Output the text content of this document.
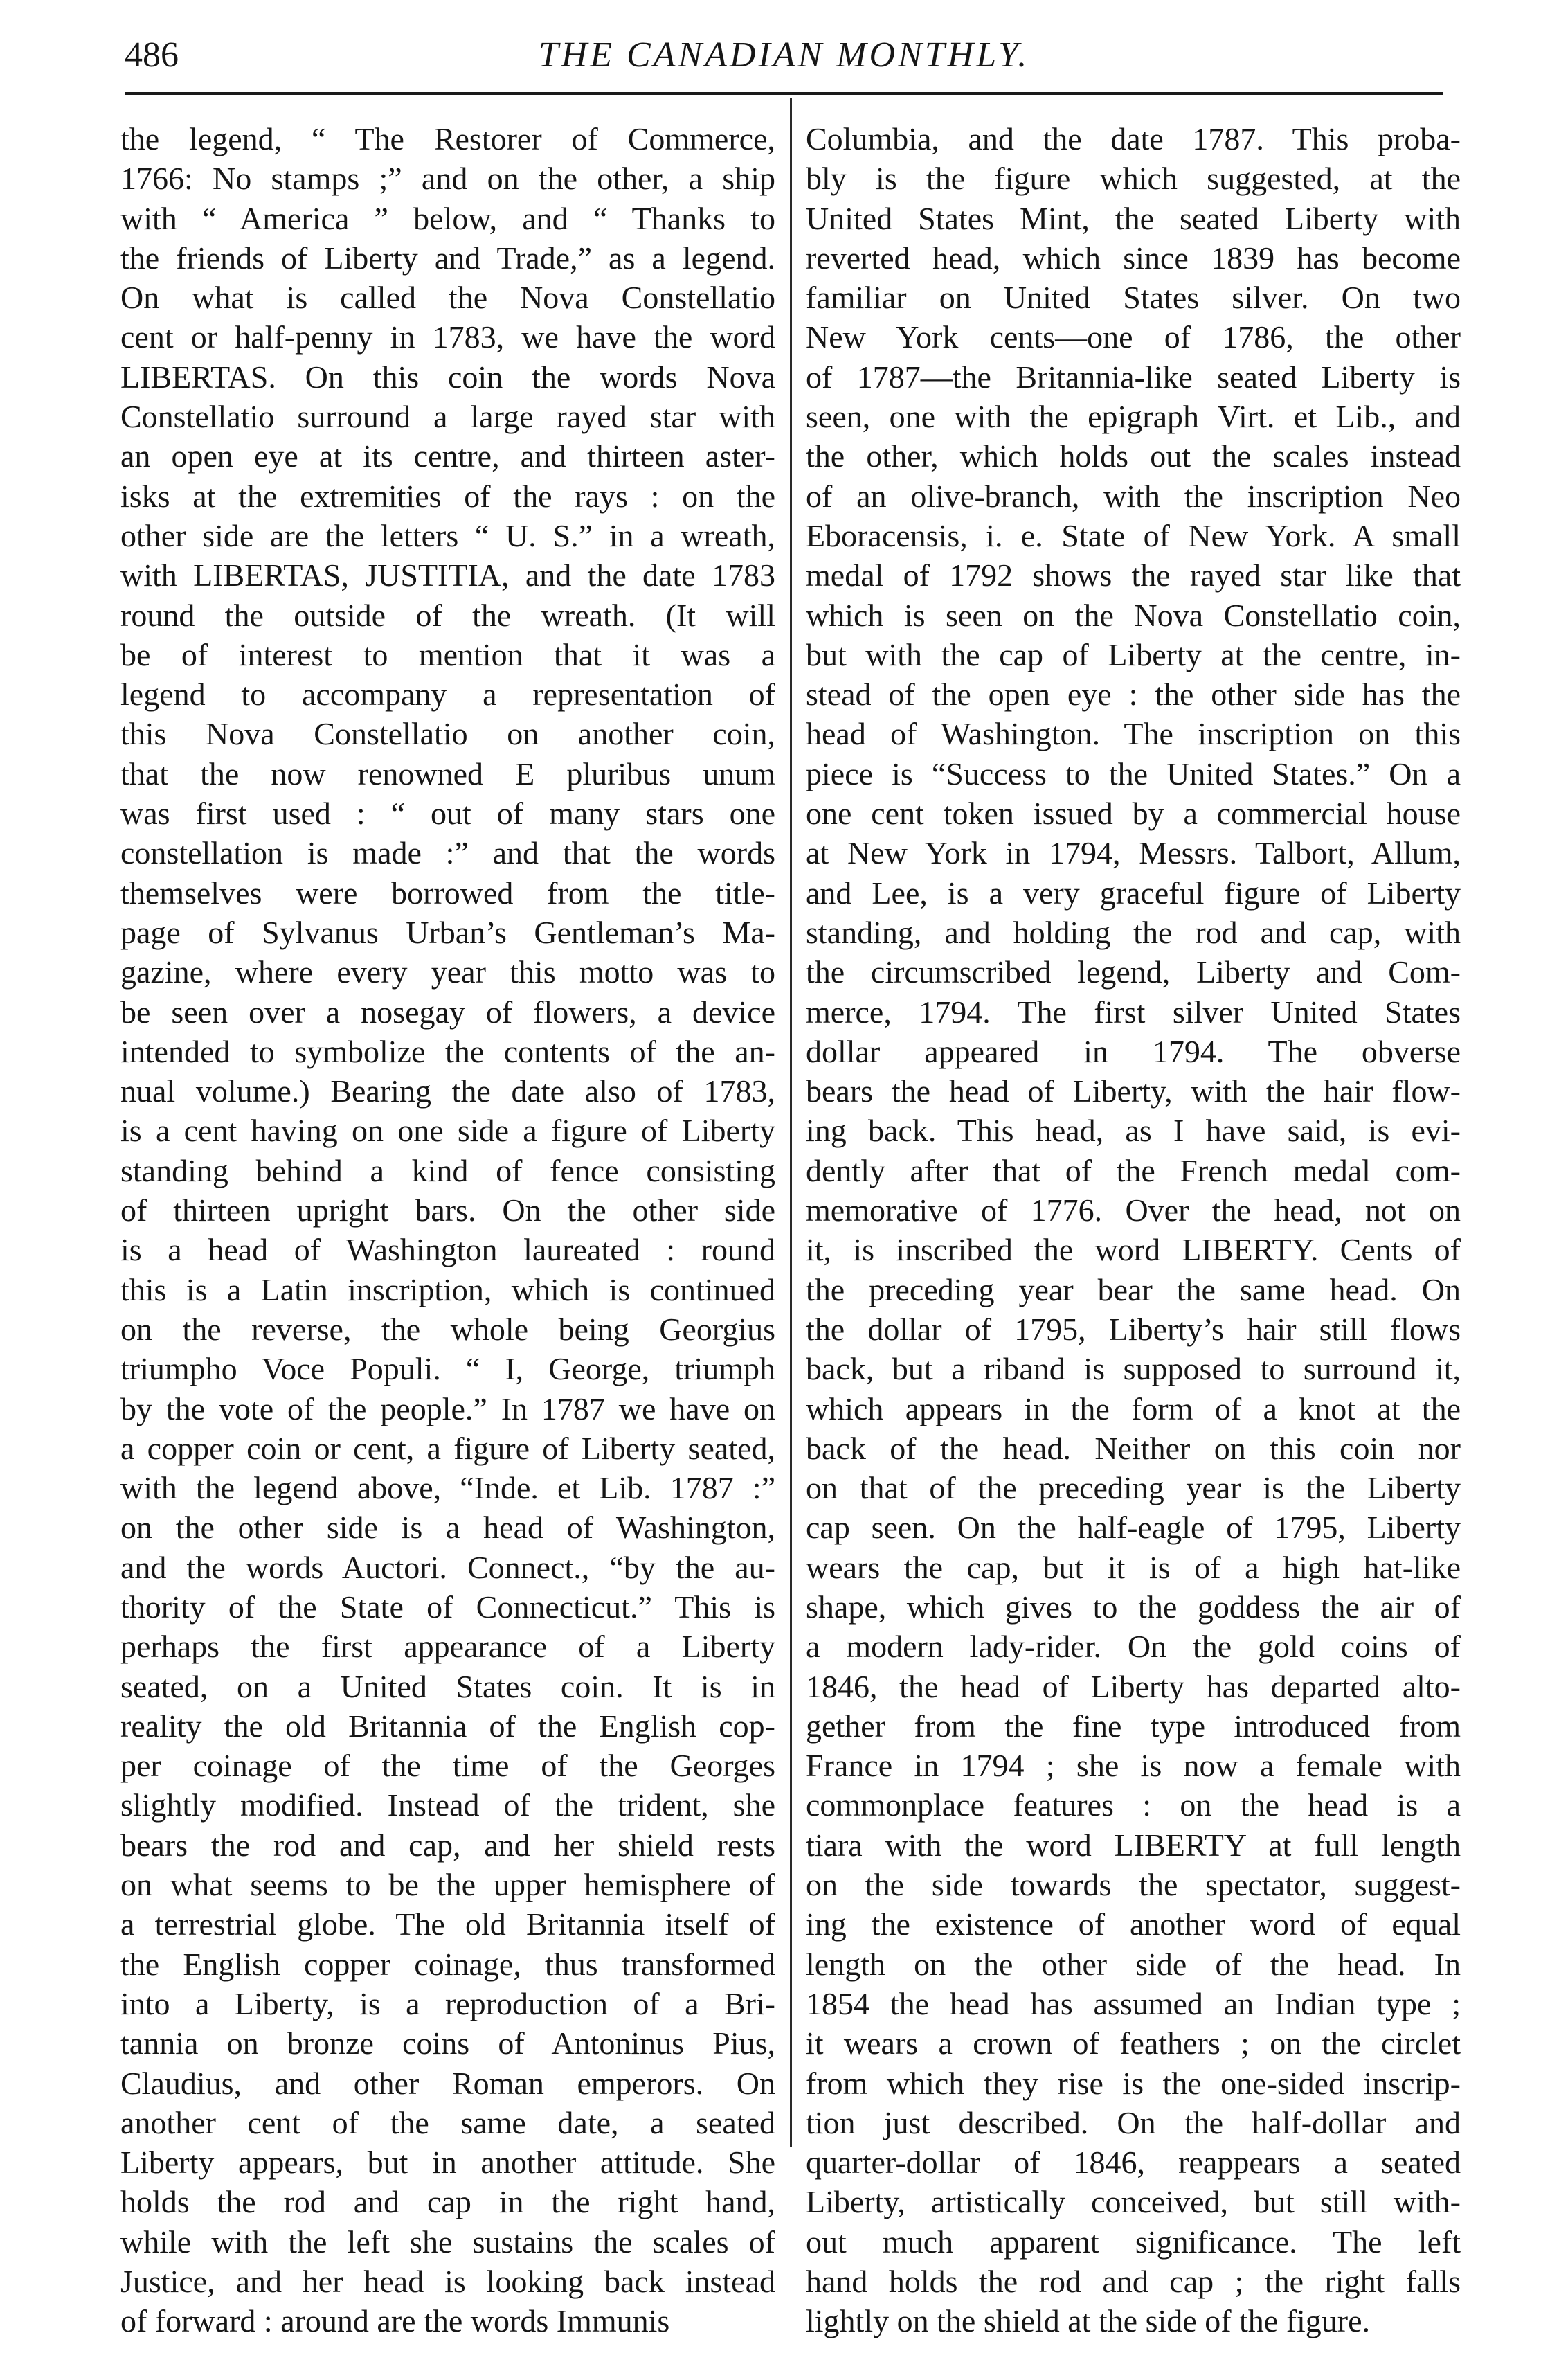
486	THE CANADIAN MONTHLY.
the legend, “ The Restorer of Commerce,
1766: No stamps ;” and on the other, a ship
with “ America ” below, and “ Thanks to
the friends of Liberty and Trade,” as a legend.
On what is called the Nova Constellatio
cent or half-penny in 1783, we have the word
LIBERTAS. On this coin the words Nova
Constellatio surround a large rayed star with
an open eye at its centre, and thirteen aster-
isks at the extremities of the rays : on the
other side are the letters “ U. S.” in a wreath,
with LIBERTAS, JUSTITIA, and the date 1783
round the outside of the wreath. (It will
be of interest to mention that it was a
legend to accompany a representation of
this Nova Constellatio on another coin,
that the now renowned E pluribus unum
was first used : “ out of many stars one
constellation is made :” and that the words
themselves were borrowed from the title-
page of Sylvanus Urban’s Gentleman’s Ma-
gazine, where every year this motto was to
be seen over a nosegay of flowers, a device
intended to symbolize the contents of the an-
nual volume.) Bearing the date also of 1783,
is a cent having on one side a figure of Liberty
standing behind a kind of fence consisting
of thirteen upright bars. On the other side
is a head of Washington laureated : round
this is a Latin inscription, which is continued
on the reverse, the whole being Georgius
triumpho Voce Populi. “ I, George, triumph
by the vote of the people.” In 1787 we have on
a copper coin or cent, a figure of Liberty seated,
with the legend above, “Inde. et Lib. 1787 :”
on the other side is a head of Washington,
and the words Auctori. Connect., “by the au-
thority of the State of Connecticut.” This is
perhaps the first appearance of a Liberty
seated, on a United States coin. It is in
reality the old Britannia of the English cop-
per coinage of the time of the Georges
slightly modified. Instead of the trident, she
bears the rod and cap, and her shield rests
on what seems to be the upper hemisphere of
a terrestrial globe. The old Britannia itself of
the English copper coinage, thus transformed
into a Liberty, is a reproduction of a Bri-
tannia on bronze coins of Antoninus Pius,
Claudius, and other Roman emperors. On
another cent of the same date, a seated
Liberty appears, but in another attitude. She
holds the rod and cap in the right hand,
while with the left she sustains the scales of
Justice, and her head is looking back instead
of forward : around are the words Immunis
Columbia, and the date 1787. This proba-
bly is the figure which suggested, at the
United States Mint, the seated Liberty with
reverted head, which since 1839 has become
familiar on United States silver. On two
New York cents—one of 1786, the other
of 1787—the Britannia-like seated Liberty is
seen, one with the epigraph Virt. et Lib., and
the other, which holds out the scales instead
of an olive-branch, with the inscription Neo
Eboracensis, i. e. State of New York. A small
medal of 1792 shows the rayed star like that
which is seen on the Nova Constellatio coin,
but with the cap of Liberty at the centre, in-
stead of the open eye : the other side has the
head of Washington. The inscription on this
piece is “Success to the United States.” On a
one cent token issued by a commercial house
at New York in 1794, Messrs. Talbort, Allum,
and Lee, is a very graceful figure of Liberty
standing, and holding the rod and cap, with
the circumscribed legend, Liberty and Com-
merce, 1794. The first silver United States
dollar appeared in 1794. The obverse
bears the head of Liberty, with the hair flow-
ing back. This head, as I have said, is evi-
dently after that of the French medal com-
memorative of 1776. Over the head, not on
it, is inscribed the word LIBERTY. Cents of
the preceding year bear the same head. On
the dollar of 1795, Liberty’s hair still flows
back, but a riband is supposed to surround it,
which appears in the form of a knot at the
back of the head. Neither on this coin nor
on that of the preceding year is the Liberty
cap seen. On the half-eagle of 1795, Liberty
wears the cap, but it is of a high hat-like
shape, which gives to the goddess the air of
a modern lady-rider. On the gold coins of
1846, the head of Liberty has departed alto-
gether from the fine type introduced from
France in 1794 ; she is now a female with
commonplace features : on the head is a
tiara with the word LIBERTY at full length
on the side towards the spectator, suggest-
ing the existence of another word of equal
length on the other side of the head. In
1854 the head has assumed an Indian type ;
it wears a crown of feathers ; on the circlet
from which they rise is the one-sided inscrip-
tion just described. On the half-dollar and
quarter-dollar of 1846, reappears a seated
Liberty, artistically conceived, but still with-
out much apparent significance. The left
hand holds the rod and cap ; the right falls
lightly on the shield at the side of the figure.
